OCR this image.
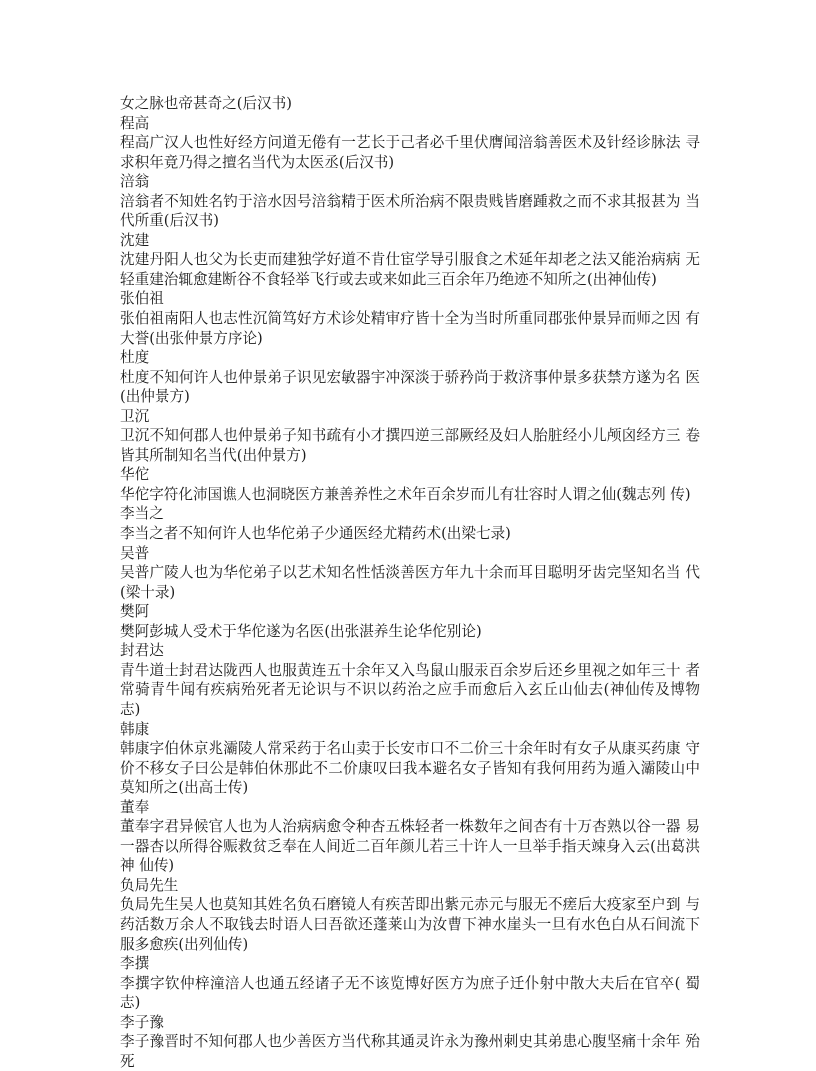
女之脉也帝甚奇之(后汉书)

程高

程高广汉人也性好经方问道无倦有一艺长于己者必千里伏膺闻涪翁善医术及针经诊脉法 寻求积年竟乃得之擅名当代为太医丞(后汉书)

涪翁

涪翁者不知姓名钓于涪水因号涪翁精于医术所治病不限贵贱皆磨踵救之而不求其报甚为 当代所重(后汉书)

沈建

沈建丹阳人也父为长吏而建独学好道不肯仕宦学导引服食之术延年却老之法又能治病病 无轻重建治辄愈建断谷不食轻举飞行或去或来如此三百余年乃绝迹不知所之(出神仙传)

张伯祖

张伯祖南阳人也志性沉简笃好方术诊处精审疗皆十全为当时所重同郡张仲景异而师之因 有大誉(出张仲景方序论)

杜度

杜度不知何许人也仲景弟子识见宏敏器宇冲深淡于骄矜尚于救济事仲景多获禁方遂为名 医(出仲景方)

卫沉

卫沉不知何郡人也仲景弟子知书疏有小才撰四逆三部厥经及妇人胎脏经小儿颅囟经方三 卷皆其所制知名当代(出仲景方)

华佗

华佗字符化沛国谯人也洞晓医方兼善养性之术年百余岁而儿有壮容时人谓之仙(魏志列 传)

李当之

李当之者不知何许人也华佗弟子少通医经尤精药术(出梁七录)

吴普

吴普广陵人也为华佗弟子以艺术知名性恬淡善医方年九十余而耳目聪明牙齿完坚知名当 代(梁十录)

樊阿

樊阿彭城人受术于华佗遂为名医(出张湛养生论华佗别论)

封君达

青牛道士封君达陇西人也服黄连五十余年又入鸟鼠山服汞百余岁后还乡里视之如年三十 者常骑青牛闻有疾病殆死者无论识与不识以药治之应手而愈后入玄丘山仙去(神仙传及博物志)

韩康

韩康字伯休京兆灞陵人常采药于名山卖于长安市口不二价三十余年时有女子从康买药康 守价不移女子曰公是韩伯休那此不二价康叹曰我本避名女子皆知有我何用药为遁入灞陵山中莫知所之(出高士传)

董奉

董奉字君异候官人也为人治病病愈令种杏五株轻者一株数年之间杏有十万杏熟以谷一器 易一器杏以所得谷赈救贫乏奉在人间近二百年颜儿若三十许人一旦举手指天竦身入云(出葛洪神 仙传)

负局先生

负局先生吴人也莫知其姓名负石磨镜人有疾苦即出紫元赤元与服无不瘥后大疫家至户到 与药活数万余人不取钱去时语人曰吾欲还蓬莱山为汝曹下神水崖头一旦有水色白从石间流下服多愈疾(出列仙传)

李撰

李撰字钦仲梓潼涪人也通五经诸子无不该览博好医方为庶子迁仆射中散大夫后在官卒( 蜀志)

李子豫

李子豫晋时不知何郡人也少善医方当代称其通灵许永为豫州刺史其弟患心腹坚痛十余年 殆死
